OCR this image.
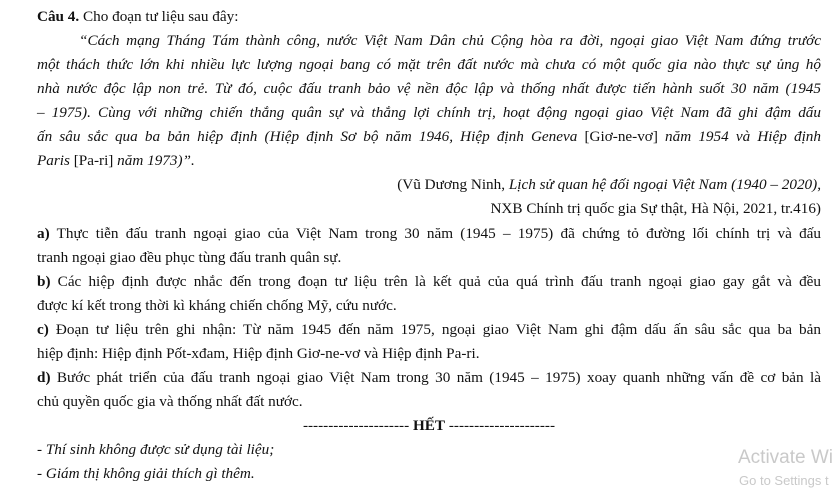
Câu 4. Cho đoạn tư liệu sau đây:
“Cách mạng Tháng Tám thành công, nước Việt Nam Dân chủ Cộng hòa ra đời, ngoại giao Việt Nam đứng trước
một thách thức lớn khi nhiều lực lượng ngoại bang có mặt trên đất nước mà chưa có một quốc gia nào thực sự ủng hộ
nhà nước độc lập non trẻ. Từ đó, cuộc đấu tranh bảo vệ nền độc lập và thống nhất được tiến hành suốt 30 năm (1945
– 1975). Cùng với những chiến thắng quân sự và thắng lợi chính trị, hoạt động ngoại giao Việt Nam đã ghi đậm dấu
ấn sâu sắc qua ba bản hiệp định (Hiệp định Sơ bộ năm 1946, Hiệp định Geneva [Giơ-ne-vơ] năm 1954 và Hiệp định
Paris [Pa-ri] năm 1973)”.
(Vũ Dương Ninh, Lịch sử quan hệ đối ngoại Việt Nam (1940 – 2020),
NXB Chính trị quốc gia Sự thật, Hà Nội, 2021, tr.416)
a) Thực tiễn đấu tranh ngoại giao của Việt Nam trong 30 năm (1945 – 1975) đã chứng tỏ đường lối chính trị và đấu
tranh ngoại giao đều phục tùng đấu tranh quân sự.
b) Các hiệp định được nhắc đến trong đoạn tư liệu trên là kết quả của quá trình đấu tranh ngoại giao gay gắt và đều
được kí kết trong thời kì kháng chiến chống Mỹ, cứu nước.
c) Đoạn tư liệu trên ghi nhận: Từ năm 1945 đến năm 1975, ngoại giao Việt Nam ghi đậm dấu ấn sâu sắc qua ba bản
hiệp định: Hiệp định Pốt-xđam, Hiệp định Giơ-ne-vơ và Hiệp định Pa-ri.
d) Bước phát triển của đấu tranh ngoại giao Việt Nam trong 30 năm (1945 – 1975) xoay quanh những vấn đề cơ bản là
chủ quyền quốc gia và thống nhất đất nước.
--------------------- HẾT ---------------------
- Thí sinh không được sử dụng tài liệu;
- Giám thị không giải thích gì thêm.
Activate Wi
Go to Settings t
